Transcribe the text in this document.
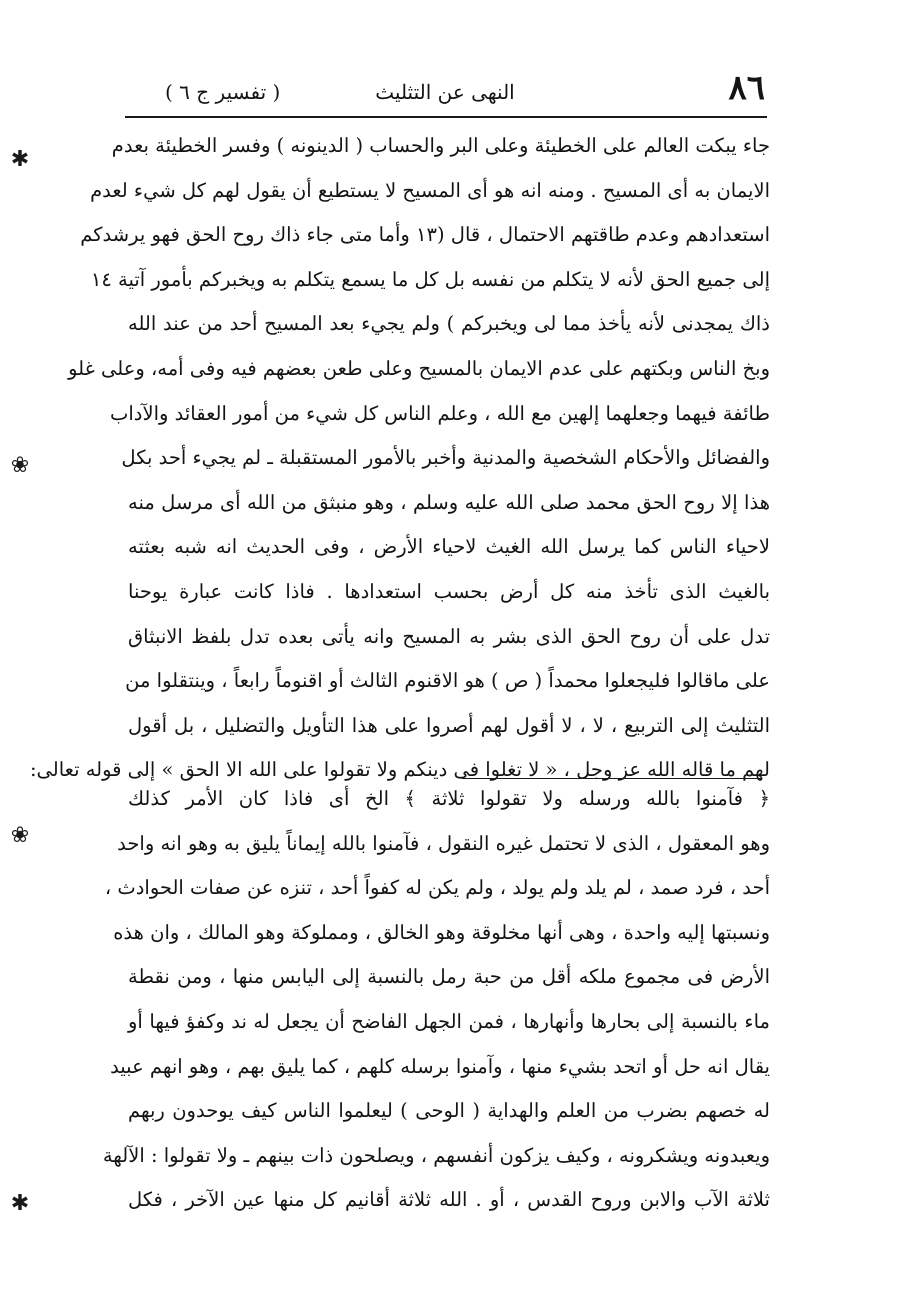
٨٦
النهى عن التثليث
( تفسير ج ٦ )
جاء يبكت العالم على الخطيئة وعلى البر والحساب ( الدينونه ) وفسر الخطيئة بعدم
الايمان به أى المسيح . ومنه انه هو أى المسيح لا يستطيع أن يقول لهم كل شيء لعدم
استعدادهم وعدم طاقتهم الاحتمال ، قال (١٣ وأما متى جاء ذاك روح الحق فهو يرشدكم
إلى جميع الحق لأنه لا يتكلم من نفسه بل كل ما يسمع يتكلم به ويخبركم بأمور آتية ١٤
ذاك يمجدنى لأنه يأخذ مما لى ويخبركم ) ولم يجيء بعد المسيح أحد من عند الله
وبخ الناس وبكتهم على عدم الايمان بالمسيح وعلى طعن بعضهم فيه وفى أمه، وعلى غلو
طائفة فيهما وجعلهما إلهين مع الله ، وعلم الناس كل شيء من أمور العقائد والآداب
والفضائل والأحكام الشخصية والمدنية وأخبر بالأمور المستقبلة ـ لم يجيء أحد بكل
هذا إلا روح الحق محمد صلى الله عليه وسلم ، وهو منبثق من الله أى مرسل منه
لاحياء الناس كما يرسل الله الغيث لاحياء الأرض ، وفى الحديث انه شبه بعثته
بالغيث الذى تأخذ منه كل أرض بحسب استعدادها . فاذا كانت عبارة يوحنا
تدل على أن روح الحق الذى بشر به المسيح وانه يأتى بعده تدل بلفظ الانبثاق
على ماقالوا فليجعلوا محمداً ( ص ) هو الاقنوم الثالث أو اقنوماً رابعاً ، وينتقلوا من
التثليث إلى التربيع ، لا ، لا أقول لهم أصروا على هذا التأويل والتضليل ، بل أقول
لهم ما قاله الله عز وجل ، « لا تغلوا فى دينكم ولا تقولوا على الله الا الحق » إلى قوله تعالى:
﴿ فآمنوا بالله ورسله ولا تقولوا ثلاثة ﴾ الخ أى فاذا كان الأمر كذلك
وهو المعقول ، الذى لا تحتمل غيره النقول ، فآمنوا بالله إيماناً يليق به وهو انه واحد
أحد ، فرد صمد ، لم يلد ولم يولد ، ولم يكن له كفواً أحد ، تنزه عن صفات الحوادث ،
ونسبتها إليه واحدة ، وهى أنها مخلوقة وهو الخالق ، ومملوكة وهو المالك ، وان هذه
الأرض فى مجموع ملكه أقل من حبة رمل بالنسبة إلى اليابس منها ، ومن نقطة
ماء بالنسبة إلى بحارها وأنهارها ، فمن الجهل الفاضح أن يجعل له ند وكفؤ فيها أو
يقال انه حل أو اتحد بشيء منها ، وآمنوا برسله كلهم ، كما يليق بهم ، وهو انهم عبيد
له خصهم بضرب من العلم والهداية ( الوحى ) ليعلموا الناس كيف يوحدون ربهم
ويعبدونه ويشكرونه ، وكيف يزكون أنفسهم ، ويصلحون ذات بينهم ـ ولا تقولوا : الآلهة
ثلاثة الآب والابن وروح القدس ، أو . الله ثلاثة أقانيم كل منها عين الآخر ، فكل
✱
❀
❀
✱
